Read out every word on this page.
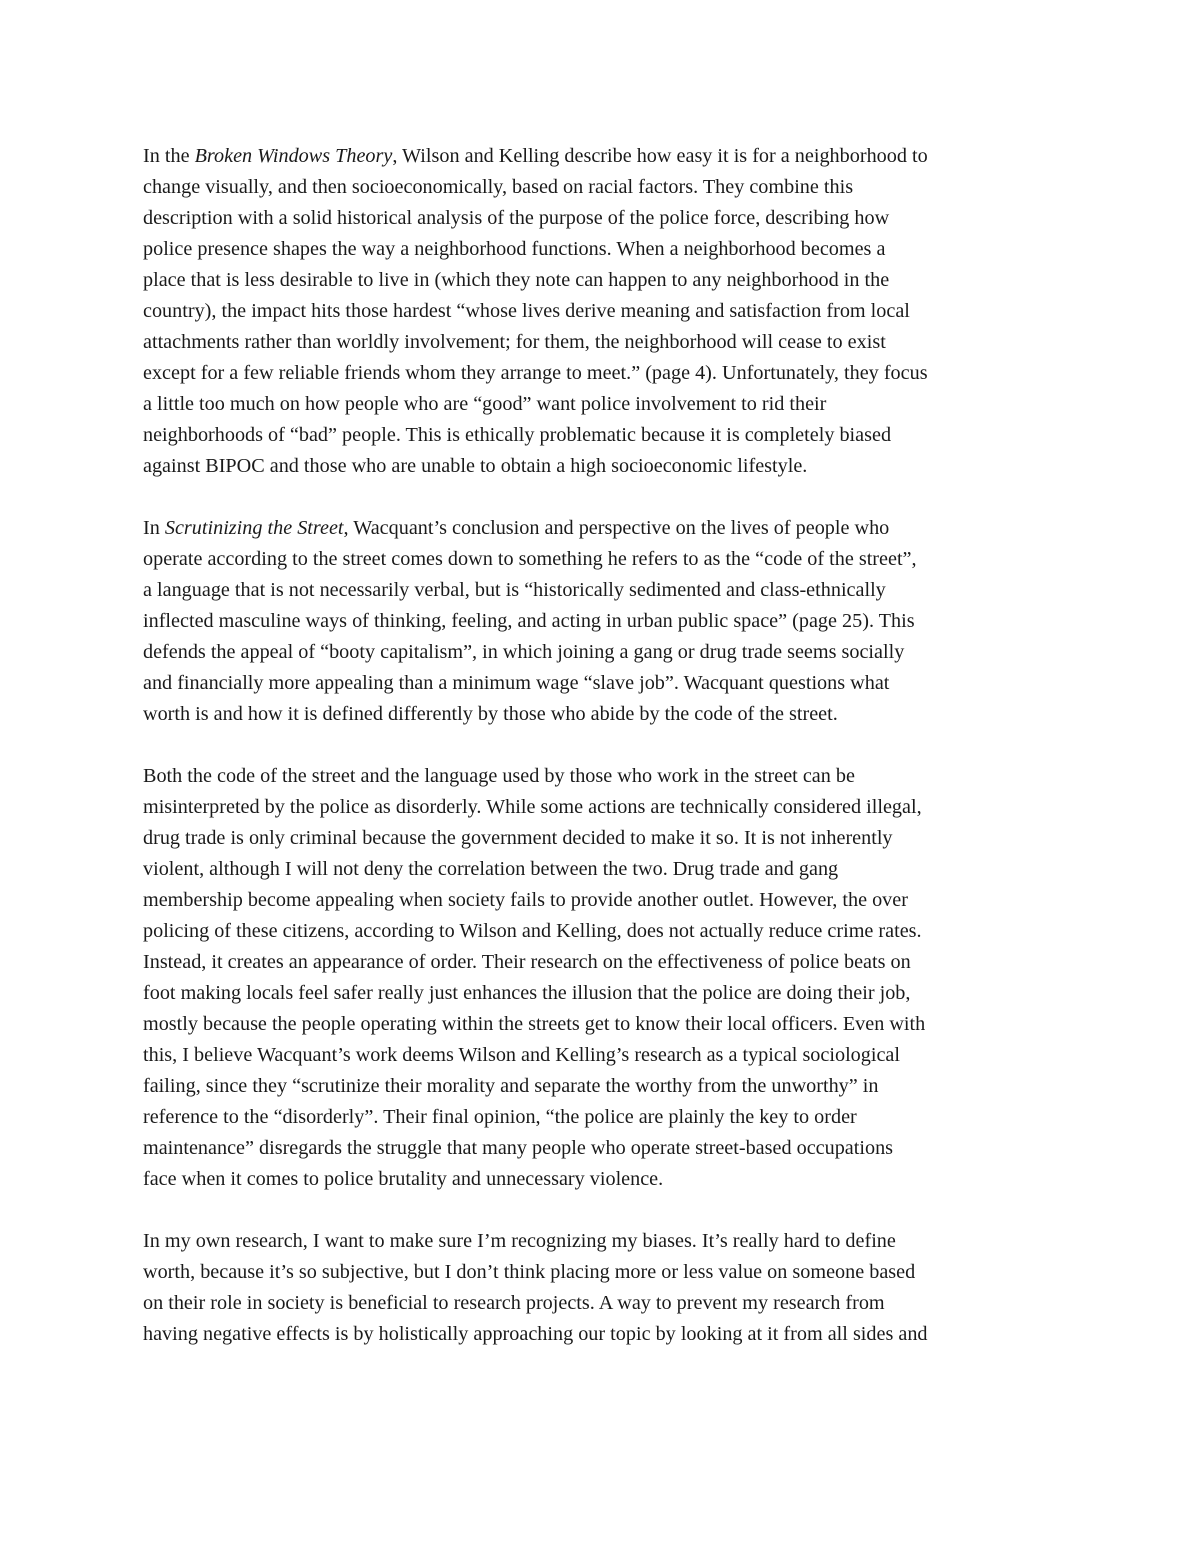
In the Broken Windows Theory, Wilson and Kelling describe how easy it is for a neighborhood to
change visually, and then socioeconomically, based on racial factors. They combine this
description with a solid historical analysis of the purpose of the police force, describing how
police presence shapes the way a neighborhood functions. When a neighborhood becomes a
place that is less desirable to live in (which they note can happen to any neighborhood in the
country), the impact hits those hardest “whose lives derive meaning and satisfaction from local
attachments rather than worldly involvement; for them, the neighborhood will cease to exist
except for a few reliable friends whom they arrange to meet.” (page 4). Unfortunately, they focus
a little too much on how people who are “good” want police involvement to rid their
neighborhoods of “bad” people. This is ethically problematic because it is completely biased
against BIPOC and those who are unable to obtain a high socioeconomic lifestyle.
In Scrutinizing the Street, Wacquant’s conclusion and perspective on the lives of people who
operate according to the street comes down to something he refers to as the “code of the street”,
a language that is not necessarily verbal, but is “historically sedimented and class-ethnically
inflected masculine ways of thinking, feeling, and acting in urban public space” (page 25). This
defends the appeal of “booty capitalism”, in which joining a gang or drug trade seems socially
and financially more appealing than a minimum wage “slave job”. Wacquant questions what
worth is and how it is defined differently by those who abide by the code of the street.
Both the code of the street and the language used by those who work in the street can be
misinterpreted by the police as disorderly. While some actions are technically considered illegal,
drug trade is only criminal because the government decided to make it so. It is not inherently
violent, although I will not deny the correlation between the two. Drug trade and gang
membership become appealing when society fails to provide another outlet. However, the over
policing of these citizens, according to Wilson and Kelling, does not actually reduce crime rates.
Instead, it creates an appearance of order. Their research on the effectiveness of police beats on
foot making locals feel safer really just enhances the illusion that the police are doing their job,
mostly because the people operating within the streets get to know their local officers. Even with
this, I believe Wacquant’s work deems Wilson and Kelling’s research as a typical sociological
failing, since they “scrutinize their morality and separate the worthy from the unworthy” in
reference to the “disorderly”. Their final opinion, “the police are plainly the key to order
maintenance” disregards the struggle that many people who operate street-based occupations
face when it comes to police brutality and unnecessary violence.
In my own research, I want to make sure I’m recognizing my biases. It’s really hard to define
worth, because it’s so subjective, but I don’t think placing more or less value on someone based
on their role in society is beneficial to research projects. A way to prevent my research from
having negative effects is by holistically approaching our topic by looking at it from all sides and
